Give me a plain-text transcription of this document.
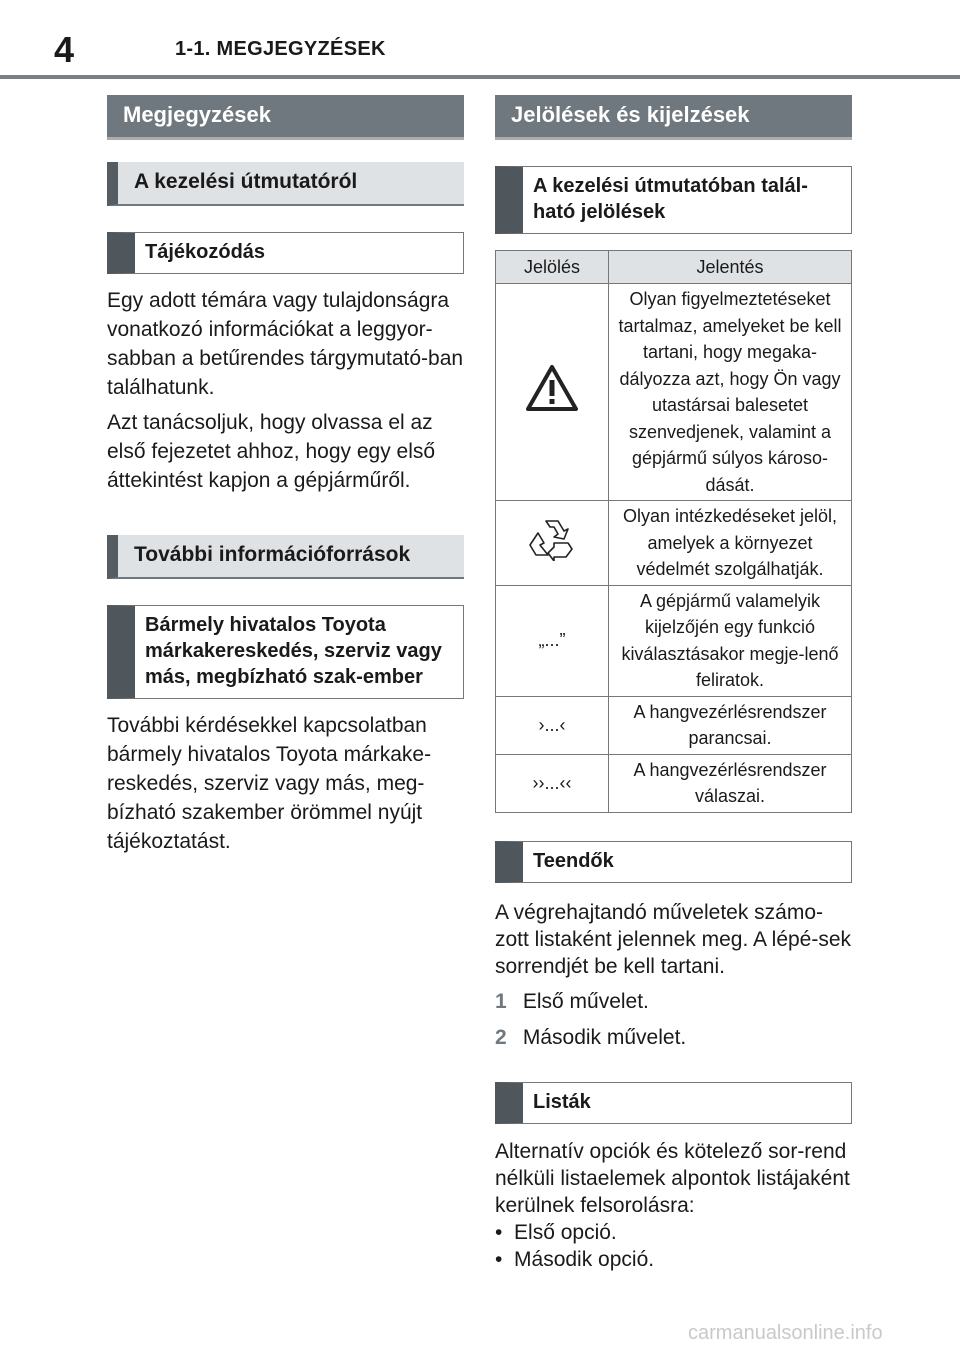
4	1-1. MEGJEGYZÉSEK
Megjegyzések
A kezelési útmutatóról
Tájékozódás

Egy adott témára vagy tulajdonságra vonatkozó információkat a leggyor-sabban a betűrendes tárgymutató-ban találhatunk.

Azt tanácsoljuk, hogy olvassa el az első fejezetet ahhoz, hogy egy első áttekintést kapjon a gépjárműről.

További információforrások
Bármely hivatalos Toyota márkakereskedés, szerviz vagy más, megbízható szak-ember

További kérdésekkel kapcsolatban bármely hivatalos Toyota márkake-reskedés, szerviz vagy más, meg-bízható szakember örömmel nyújt tájékoztatást.

Jelölések és kijelzések
A kezelési útmutatóban talál-ható jelölések
Jelölés	Jelentés
	Olyan figyelmeztetéseket tartalmaz, amelyeket be kell tartani, hogy megaka-dályozza azt, hogy Ön vagy utastársai balesetet szenvedjenek, valamint a gépjármű súlyos károso-dását.
	Olyan intézkedéseket jelöl, amelyek a környezet védelmét szolgálhatják.
„...”	A gépjármű valamelyik kijelzőjén egy funkció kiválasztásakor megje-lenő feliratok.
›...‹	A hangvezérlésrendszer parancsai.
››...‹‹	A hangvezérlésrendszer válaszai.
Teendők

A végrehajtandó műveletek számo-zott listaként jelennek meg. A lépé-sek sorrendjét be kell tartani.

1 Első művelet.
2 Második művelet.
Listák

Alternatív opciók és kötelező sor-rend nélküli listaelemek alpontok listájaként kerülnek felsorolásra:

•  Első opció.
•  Második opció.
carmanualsonline.info
